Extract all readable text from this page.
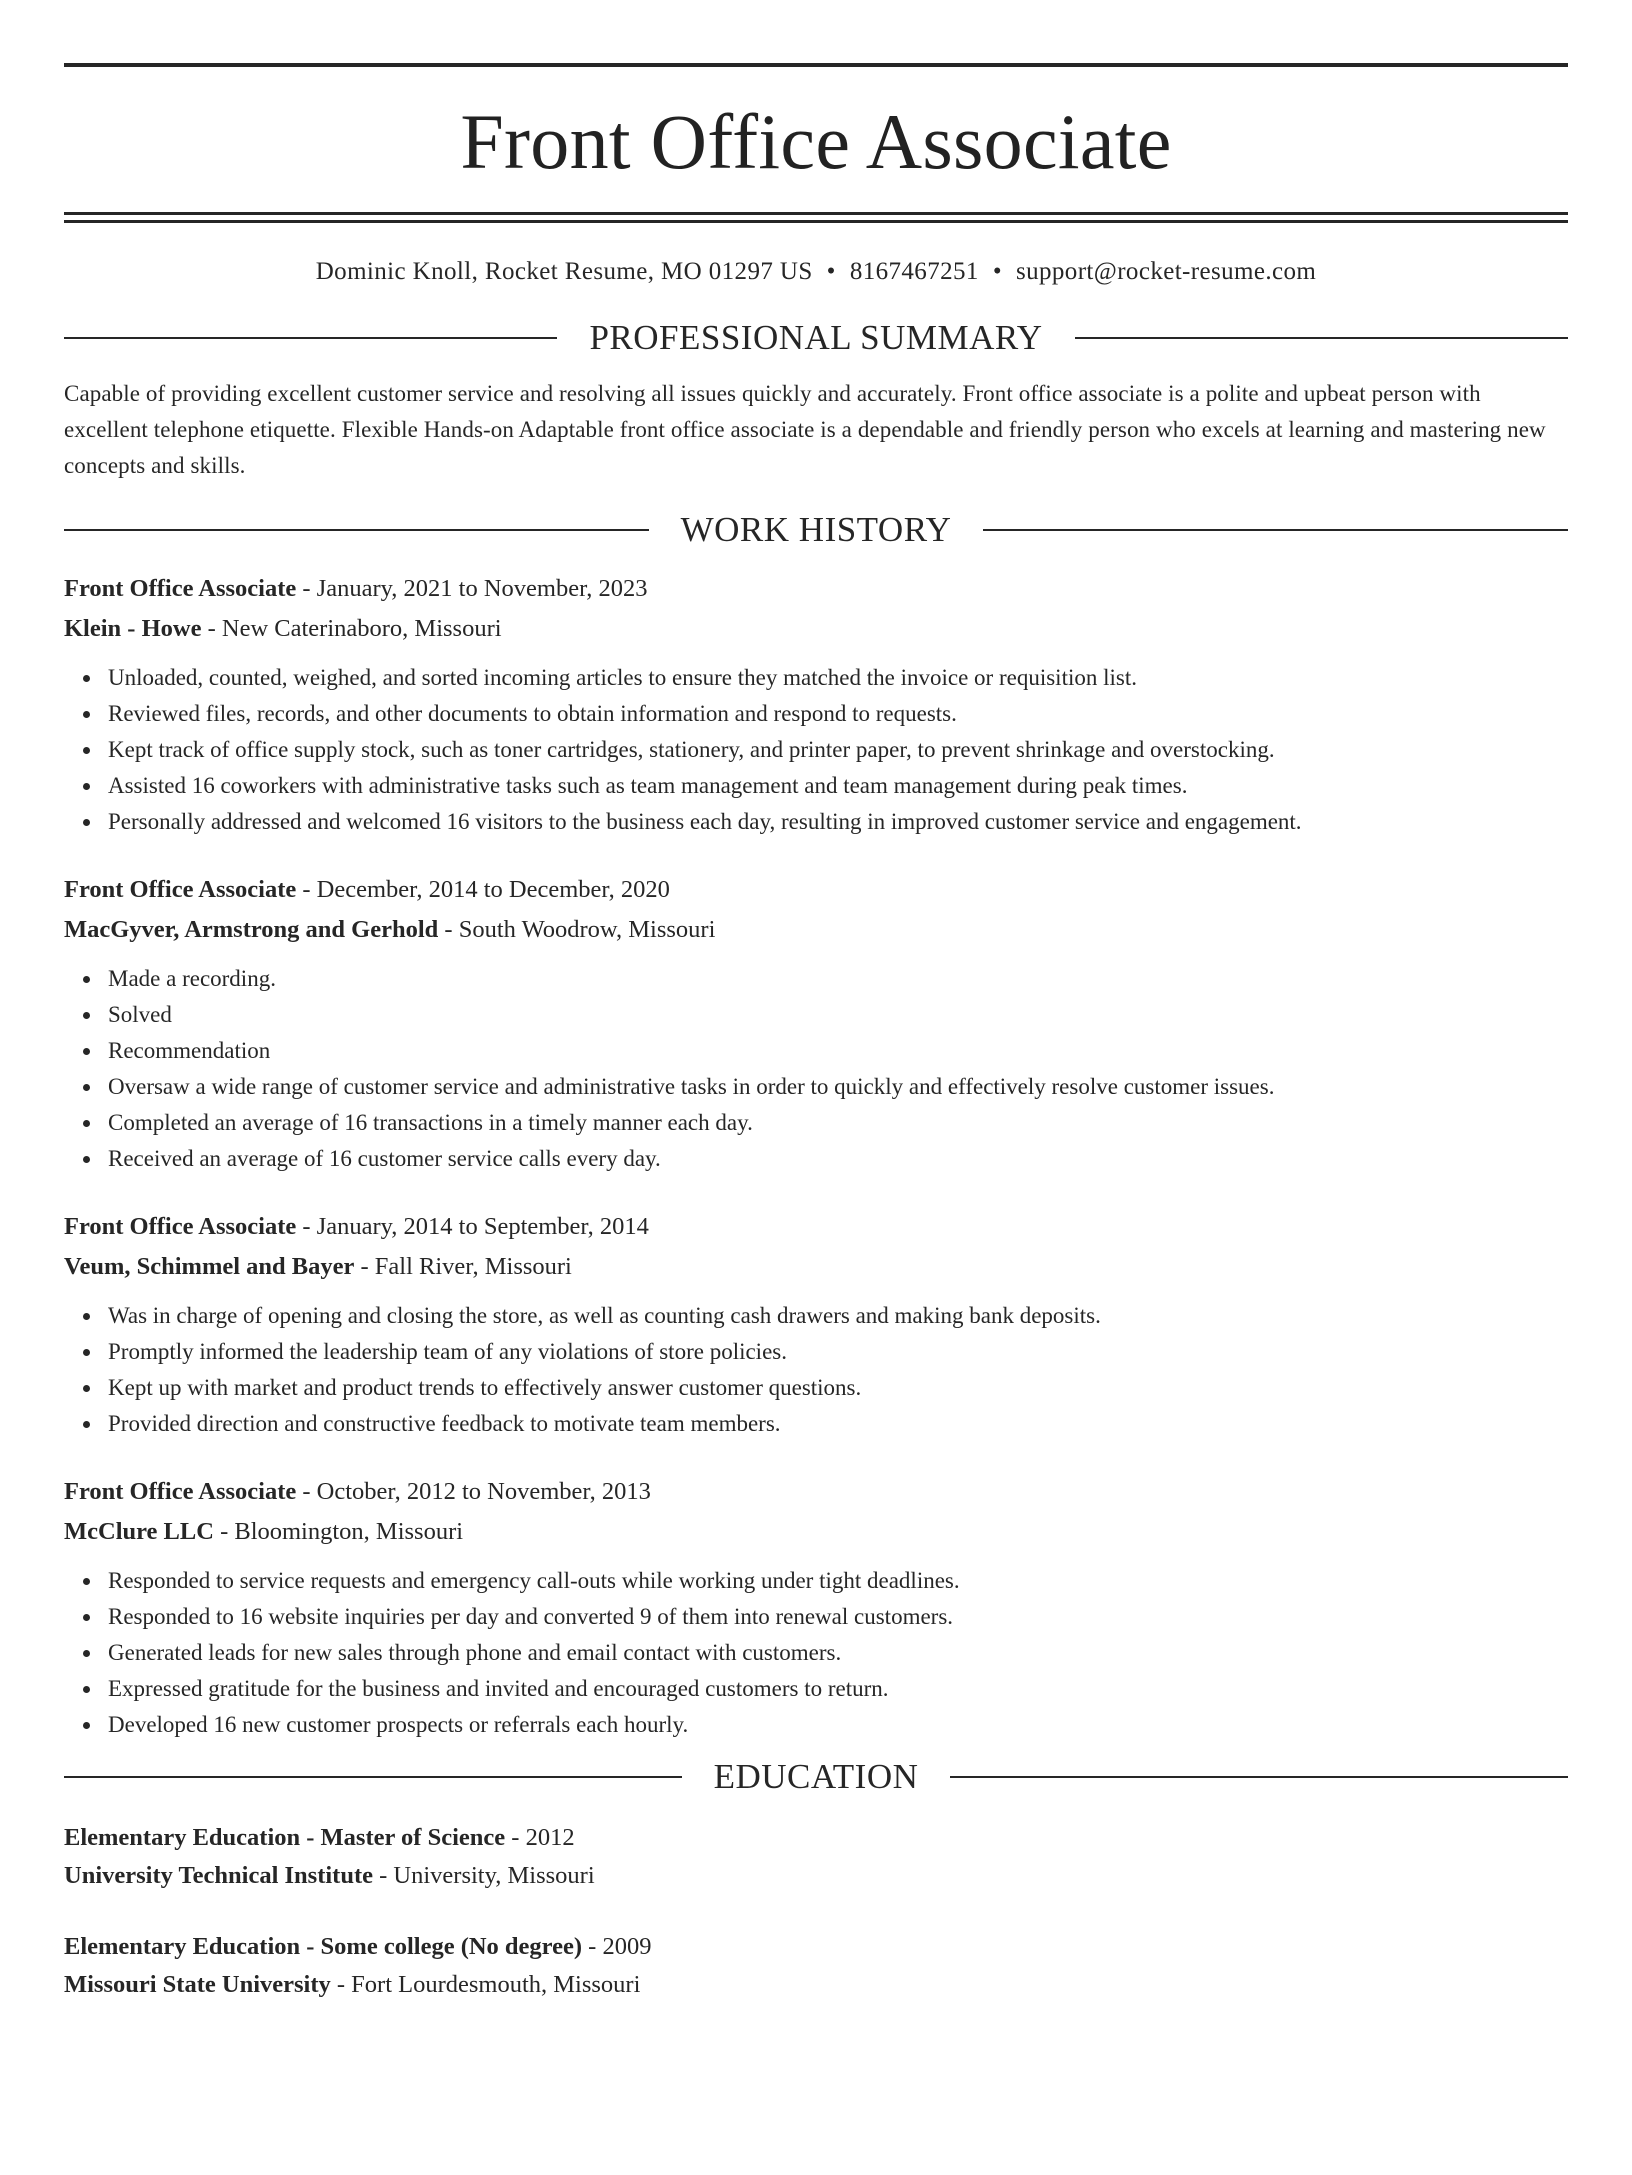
Front Office Associate
Dominic Knoll, Rocket Resume, MO 01297 US • 8167467251 • support@rocket-resume.com
PROFESSIONAL SUMMARY
Capable of providing excellent customer service and resolving all issues quickly and accurately. Front office associate is a polite and upbeat person with excellent telephone etiquette. Flexible Hands-on Adaptable front office associate is a dependable and friendly person who excels at learning and mastering new concepts and skills.
WORK HISTORY
Front Office Associate - January, 2021 to November, 2023
Klein - Howe - New Caterinaboro, Missouri
Unloaded, counted, weighed, and sorted incoming articles to ensure they matched the invoice or requisition list.
Reviewed files, records, and other documents to obtain information and respond to requests.
Kept track of office supply stock, such as toner cartridges, stationery, and printer paper, to prevent shrinkage and overstocking.
Assisted 16 coworkers with administrative tasks such as team management and team management during peak times.
Personally addressed and welcomed 16 visitors to the business each day, resulting in improved customer service and engagement.
Front Office Associate - December, 2014 to December, 2020
MacGyver, Armstrong and Gerhold - South Woodrow, Missouri
Made a recording.
Solved
Recommendation
Oversaw a wide range of customer service and administrative tasks in order to quickly and effectively resolve customer issues.
Completed an average of 16 transactions in a timely manner each day.
Received an average of 16 customer service calls every day.
Front Office Associate - January, 2014 to September, 2014
Veum, Schimmel and Bayer - Fall River, Missouri
Was in charge of opening and closing the store, as well as counting cash drawers and making bank deposits.
Promptly informed the leadership team of any violations of store policies.
Kept up with market and product trends to effectively answer customer questions.
Provided direction and constructive feedback to motivate team members.
Front Office Associate - October, 2012 to November, 2013
McClure LLC - Bloomington, Missouri
Responded to service requests and emergency call-outs while working under tight deadlines.
Responded to 16 website inquiries per day and converted 9 of them into renewal customers.
Generated leads for new sales through phone and email contact with customers.
Expressed gratitude for the business and invited and encouraged customers to return.
Developed 16 new customer prospects or referrals each hourly.
EDUCATION
Elementary Education - Master of Science - 2012
University Technical Institute - University, Missouri
Elementary Education - Some college (No degree) - 2009
Missouri State University - Fort Lourdesmouth, Missouri
